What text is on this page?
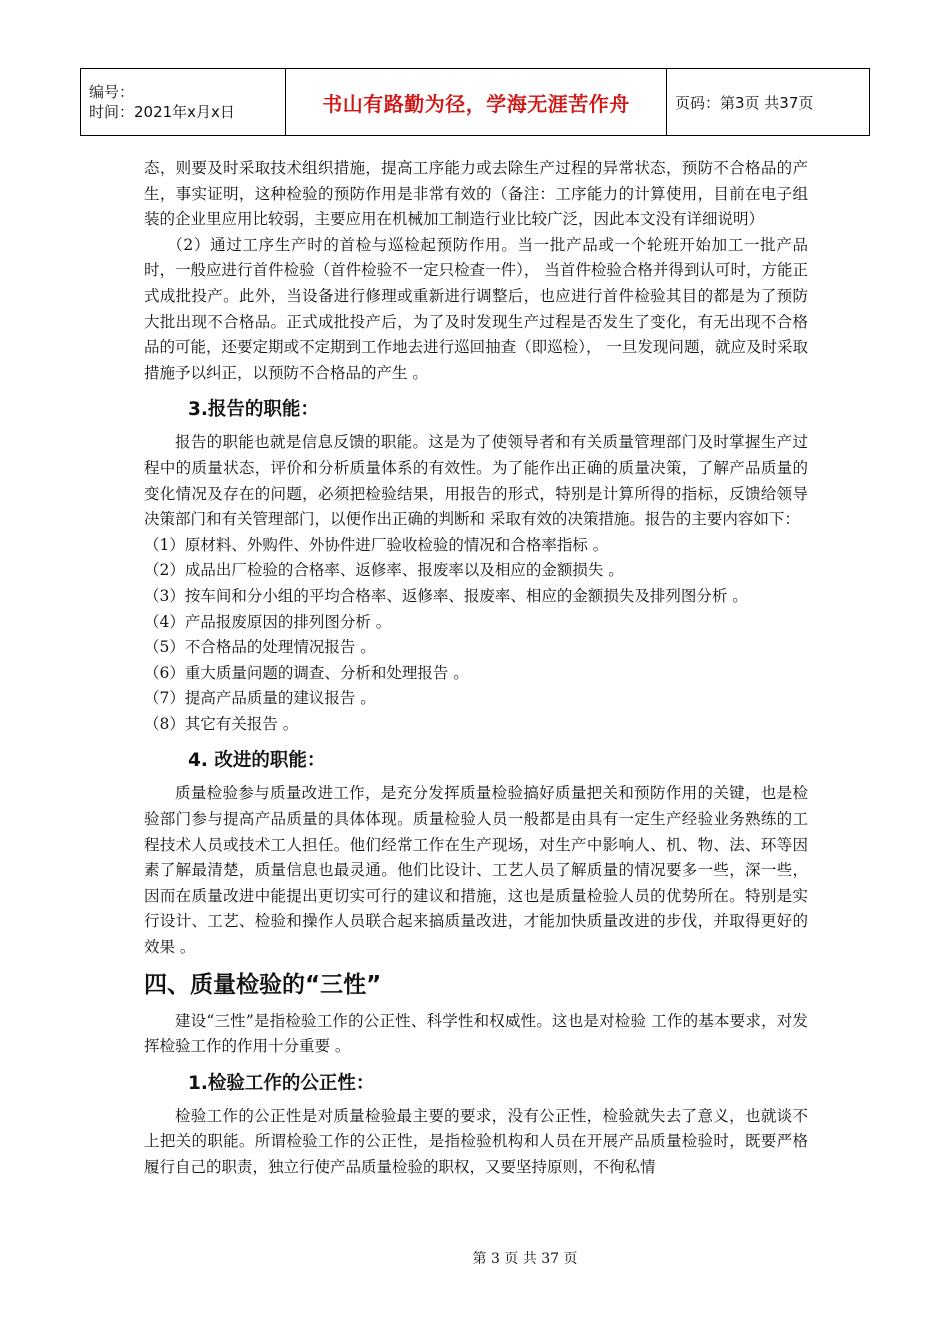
编号：
时间：2021年x月x日	书山有路勤为径，学海无涯苦作舟	页码：第3页 共37页

态，则要及时采取技术组织措施，提高工序能力或去除生产过程的异常状态，预防不合格品的产生，事实证明，这种检验的预防作用是非常有效的（备注：工序能力的计算使用，目前在电子组装的企业里应用比较弱，主要应用在机械加工制造行业比较广泛，因此本文没有详细说明）

（2）通过工序生产时的首检与巡检起预防作用。当一批产品或一个轮班开始加工一批产品时，一般应进行首件检验（首件检验不一定只检查一件）， 当首件检验合格并得到认可时，方能正式成批投产。此外，当设备进行修理或重新进行调整后，也应进行首件检验其目的都是为了预防大批出现不合格品。正式成批投产后，为了及时发现生产过程是否发生了变化，有无出现不合格品的可能，还要定期或不定期到工作地去进行巡回抽查（即巡检）， 一旦发现问题，就应及时采取措施予以纠正，以预防不合格品的产生 。

3.报告的职能：

报告的职能也就是信息反馈的职能。这是为了使领导者和有关质量管理部门及时掌握生产过程中的质量状态，评价和分析质量体系的有效性。为了能作出正确的质量决策，了解产品质量的变化情况及存在的问题，必须把检验结果，用报告的形式，特别是计算所得的指标，反馈给领导决策部门和有关管理部门，以便作出正确的判断和 采取有效的决策措施。报告的主要内容如下：

（1）原材料、外购件、外协件进厂验收检验的情况和合格率指标 。

（2）成品出厂检验的合格率、返修率、报废率以及相应的金额损失 。

（3）按车间和分小组的平均合格率、返修率、报废率、相应的金额损失及排列图分析 。

（4）产品报废原因的排列图分析 。

（5）不合格品的处理情况报告 。

（6）重大质量问题的调查、分析和处理报告 。

（7）提高产品质量的建议报告 。

（8）其它有关报告 。

4. 改进的职能：

质量检验参与质量改进工作，是充分发挥质量检验搞好质量把关和预防作用的关键，也是检验部门参与提高产品质量的具体体现。质量检验人员一般都是由具有一定生产经验业务熟练的工程技术人员或技术工人担任。他们经常工作在生产现场，对生产中影响人、机、物、法、环等因素了解最清楚，质量信息也最灵通。他们比设计、工艺人员了解质量的情况要多一些，深一些，因而在质量改进中能提出更切实可行的建议和措施，这也是质量检验人员的优势所在。特别是实行设计、工艺、检验和操作人员联合起来搞质量改进，才能加快质量改进的步伐，并取得更好的效果 。

四、质量检验的“三性”

建设“三性”是指检验工作的公正性、科学性和权威性。这也是对检验 工作的基本要求，对发挥检验工作的作用十分重要 。

1.检验工作的公正性：

检验工作的公正性是对质量检验最主要的要求，没有公正性，检验就失去了意义，也就谈不上把关的职能。所谓检验工作的公正性，是指检验机构和人员在开展产品质量检验时，既要严格履行自己的职责，独立行使产品质量检验的职权，又要坚持原则，不徇私情

第 3 页 共 37 页
